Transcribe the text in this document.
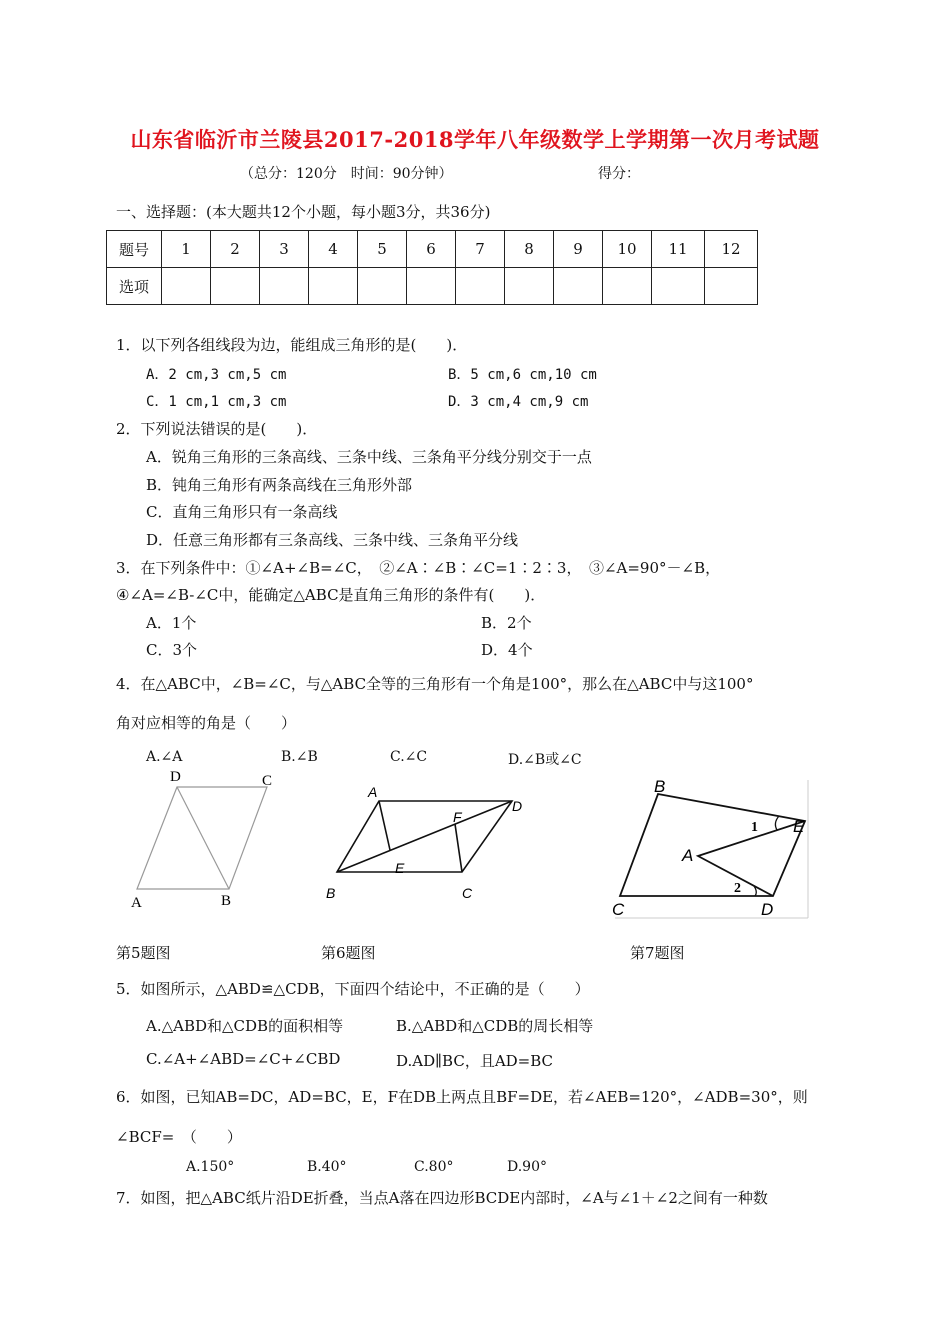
山东省临沂市兰陵县2017-2018学年八年级数学上学期第一次月考试题
（总分：120分　时间：90分钟）	得分：
一、选择题：(本大题共12个小题，每小题3分，共36分)
题号	1	2	3	4	5	6	7	8	9	10	11	12
选项												
1．以下列各组线段为边，能组成三角形的是(　　)．
A．2 cm,3 cm,5 cm	B．5 cm,6 cm,10 cm
C．1 cm,1 cm,3 cm	D．3 cm,4 cm,9 cm
2．下列说法错误的是(　　)．
A．锐角三角形的三条高线、三条中线、三条角平分线分别交于一点
B．钝角三角形有两条高线在三角形外部
C．直角三角形只有一条高线
D．任意三角形都有三条高线、三条中线、三条角平分线
3．在下列条件中：①∠A+∠B=∠C，　②∠A∶∠B∶∠C=1∶2∶3，　③∠A=90°－∠B，
④∠A=∠B-∠C中，能确定△ABC是直角三角形的条件有(　　)．
A．1个	B．2个
C．3个	D．4个
4．在△ABC中，∠B=∠C，与△ABC全等的三角形有一个角是100°，那么在△ABC中与这100°
角对应相等的角是（　　）
A.∠A	B.∠B	C.∠C	D.∠B或∠C
D	C
A	B
A
D
F
E
B	C
B
E
A
C	D
1
2
第5题图	第6题图	第7题图
5．如图所示，△ABD≌△CDB，下面四个结论中，不正确的是（　　）
A.△ABD和△CDB的面积相等	B.△ABD和△CDB的周长相等
C.∠A+∠ABD=∠C+∠CBD	D.AD∥BC，且AD=BC
6．如图，已知AB=DC，AD=BC，E，F在DB上两点且BF=DE，若∠AEB=120°，∠ADB=30°，则
∠BCF=　（　　）
A.150°	B.40°	C.80°	D.90°
7．如图，把△ABC纸片沿DE折叠，当点A落在四边形BCDE内部时，∠A与∠1＋∠2之间有一种数
